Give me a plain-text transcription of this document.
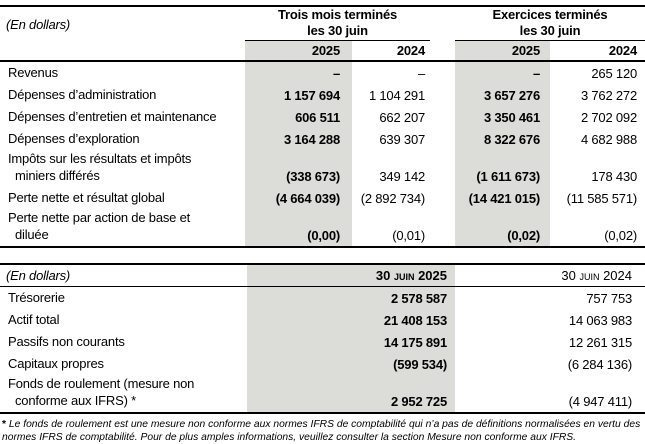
(En dollars)
Trois mois terminés
les 30 juin
Exercices terminés
les 30 juin
2025	2024	2025	2024
Revenus	–	–	–	265 120
Dépenses d’administration	1 157 694	1 104 291	3 657 276	3 762 272
Dépenses d’entretien et maintenance	606 511	662 207	3 350 461	2 702 092
Dépenses d’exploration	3 164 288	639 307	8 322 676	4 682 988
Impôts sur les résultats et impôts
miniers différés	(338 673)	349 142	(1 611 673)	178 430
Perte nette et résultat global	(4 664 039)	(2 892 734)	(14 421 015)	(11 585 571)
Perte nette par action de base et
diluée	(0,00)	(0,01)	(0,02)	(0,02)
(En dollars)	30 juin 2025	30 juin 2024
Trésorerie	2 578 587	757 753
Actif total	21 408 153	14 063 983
Passifs non courants	14 175 891	12 261 315
Capitaux propres	(599 534)	(6 284 136)
Fonds de roulement (mesure non
conforme aux IFRS) *	2 952 725	(4 947 411)
* Le fonds de roulement est une mesure non conforme aux normes IFRS de comptabilité qui n’a pas de définitions normalisées en vertu des normes IFRS de comptabilité. Pour de plus amples informations, veuillez consulter la section Mesure non conforme aux IFRS.
